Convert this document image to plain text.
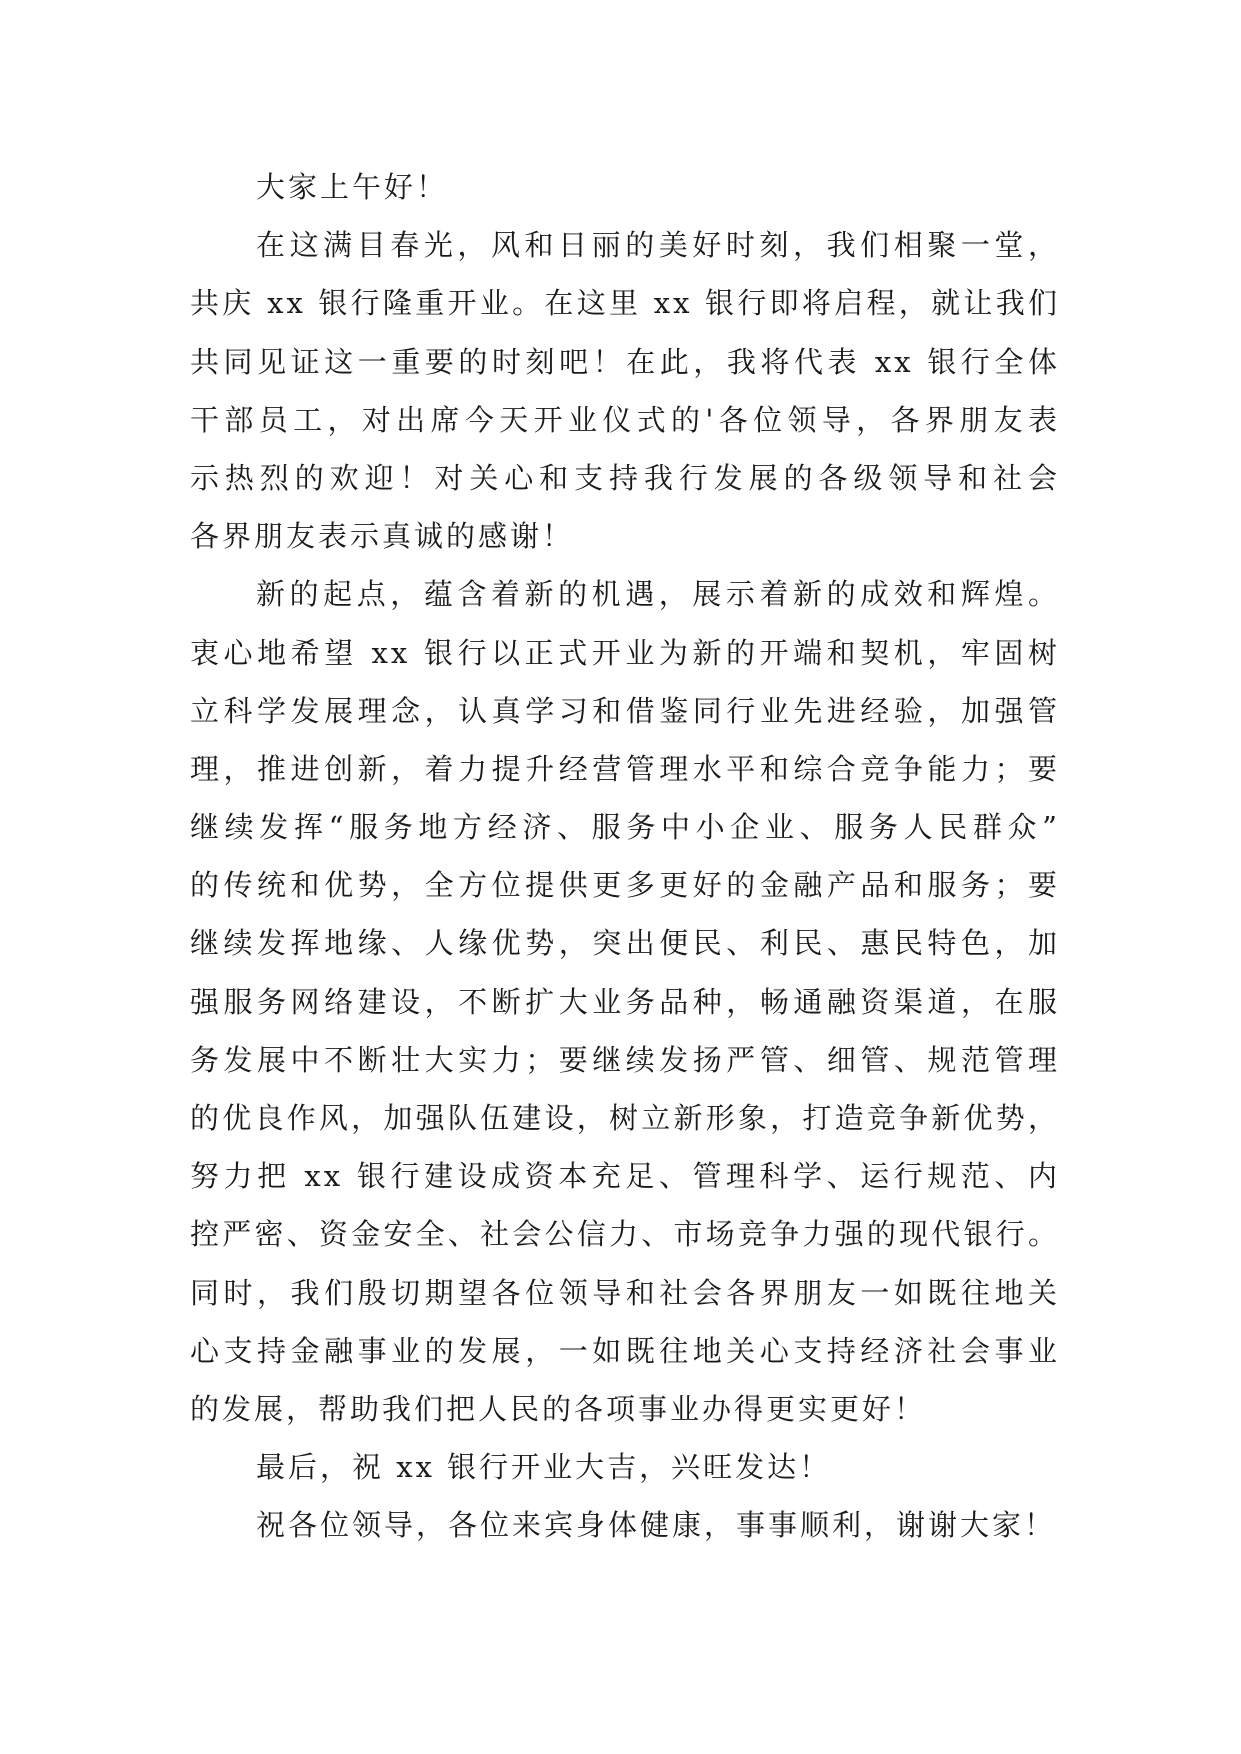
大家上午好！
在这满目春光，风和日丽的美好时刻，我们相聚一堂，
共庆 xx 银行隆重开业。在这里 xx 银行即将启程，就让我们
共同见证这一重要的时刻吧！在此，我将代表 xx 银行全体
干部员工，对出席今天开业仪式的'各位领导，各界朋友表
示热烈的欢迎！对关心和支持我行发展的各级领导和社会
各界朋友表示真诚的感谢！
新的起点，蕴含着新的机遇，展示着新的成效和辉煌。
衷心地希望 xx 银行以正式开业为新的开端和契机，牢固树
立科学发展理念，认真学习和借鉴同行业先进经验，加强管
理，推进创新，着力提升经营管理水平和综合竞争能力；要
继续发挥“服务地方经济、服务中小企业、服务人民群众”
的传统和优势，全方位提供更多更好的金融产品和服务；要
继续发挥地缘、人缘优势，突出便民、利民、惠民特色，加
强服务网络建设，不断扩大业务品种，畅通融资渠道，在服
务发展中不断壮大实力；要继续发扬严管、细管、规范管理
的优良作风，加强队伍建设，树立新形象，打造竞争新优势，
努力把 xx 银行建设成资本充足、管理科学、运行规范、内
控严密、资金安全、社会公信力、市场竞争力强的现代银行。
同时，我们殷切期望各位领导和社会各界朋友一如既往地关
心支持金融事业的发展，一如既往地关心支持经济社会事业
的发展，帮助我们把人民的各项事业办得更实更好！
最后，祝 xx 银行开业大吉，兴旺发达！
祝各位领导，各位来宾身体健康，事事顺利，谢谢大家！
